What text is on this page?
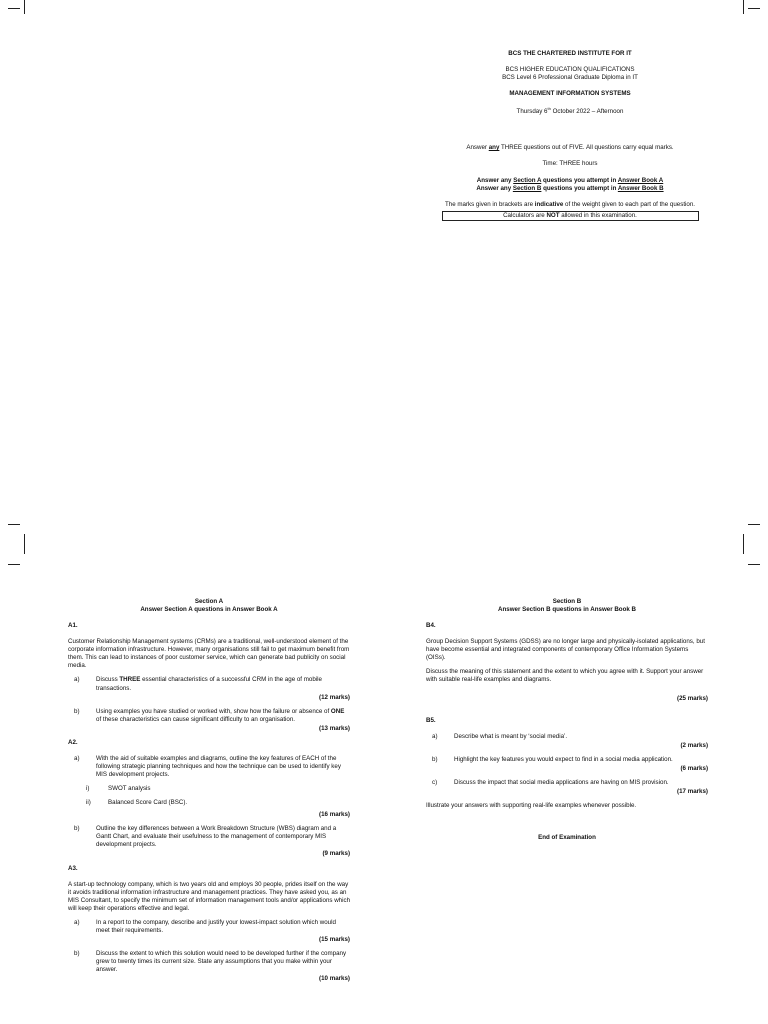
BCS THE CHARTERED INSTITUTE FOR IT

BCS HIGHER EDUCATION QUALIFICATIONS

BCS Level 6 Professional Graduate Diploma in IT

MANAGEMENT INFORMATION SYSTEMS

Thursday 6th October 2022 – Afternoon

Answer any THREE questions out of FIVE. All questions carry equal marks.

Time: THREE hours

Answer any Section A questions you attempt in Answer Book A

Answer any Section B questions you attempt in Answer Book B

The marks given in brackets are indicative of the weight given to each part of the question.

Calculators are NOT allowed in this examination.
Section A
Answer Section A questions in Answer Book A
A1.

Customer Relationship Management systems (CRMs) are a traditional, well-understood element of the corporate information infrastructure. However, many organisations still fail to get maximum benefit from them. This can lead to instances of poor customer service, which can generate bad publicity on social media.

a)	Discuss THREE essential characteristics of a successful CRM in the age of mobile transactions.
(12 marks)
b)	Using examples you have studied or worked with, show how the failure or absence of ONE of these characteristics can cause significant difficulty to an organisation.
(13 marks)
A2.
a)	With the aid of suitable examples and diagrams, outline the key features of EACH of the following strategic planning techniques and how the technique can be used to identify key MIS development projects.
i)	SWOT analysis
ii)	Balanced Score Card (BSC).
(16 marks)
b)	Outline the key differences between a Work Breakdown Structure (WBS) diagram and a Gantt Chart, and evaluate their usefulness to the management of contemporary MIS development projects.
(9 marks)
A3.

A start-up technology company, which is two years old and employs 30 people, prides itself on the way it avoids traditional information infrastructure and management practices. They have asked you, as an MIS Consultant, to specify the minimum set of information management tools and/or applications which will keep their operations effective and legal.

a)	In a report to the company, describe and justify your lowest-impact solution which would meet their requirements.
(15 marks)
b)	Discuss the extent to which this solution would need to be developed further if the company grew to twenty times its current size. State any assumptions that you make within your answer.
(10 marks)
Section B
Answer Section B questions in Answer Book B
B4.

Group Decision Support Systems (GDSS) are no longer large and physically-isolated applications, but have become essential and integrated components of contemporary Office Information Systems (OISs).

Discuss the meaning of this statement and the extent to which you agree with it. Support your answer with suitable real-life examples and diagrams.

(25 marks)
B5.
a)	Describe what is meant by ‘social media’.
(2 marks)
b)	Highlight the key features you would expect to find in a social media application.
(6 marks)
c)	Discuss the impact that social media applications are having on MIS provision.
(17 marks)

Illustrate your answers with supporting real-life examples whenever possible.

End of Examination
